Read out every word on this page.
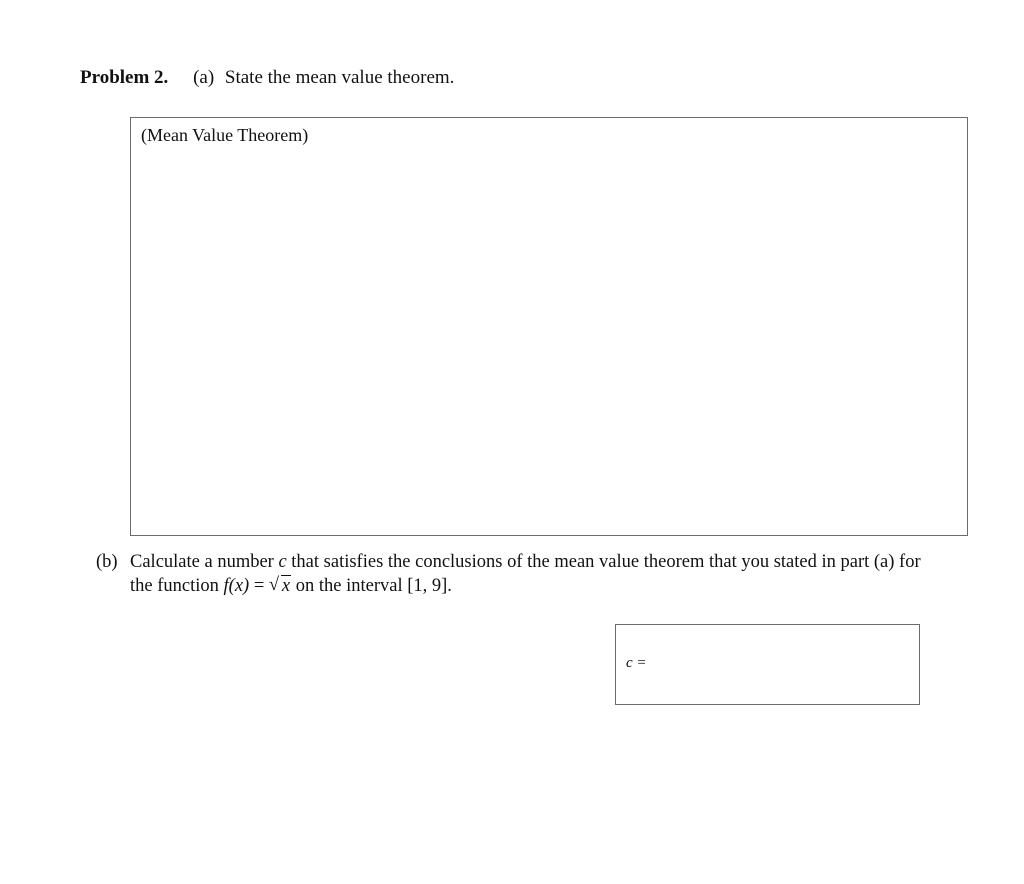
Problem 2. (a) State the mean value theorem.
(Mean Value Theorem)
(b) Calculate a number c that satisfies the conclusions of the mean value theorem that you stated in part (a) for the function f(x) = √ x on the interval [1, 9].
c =
